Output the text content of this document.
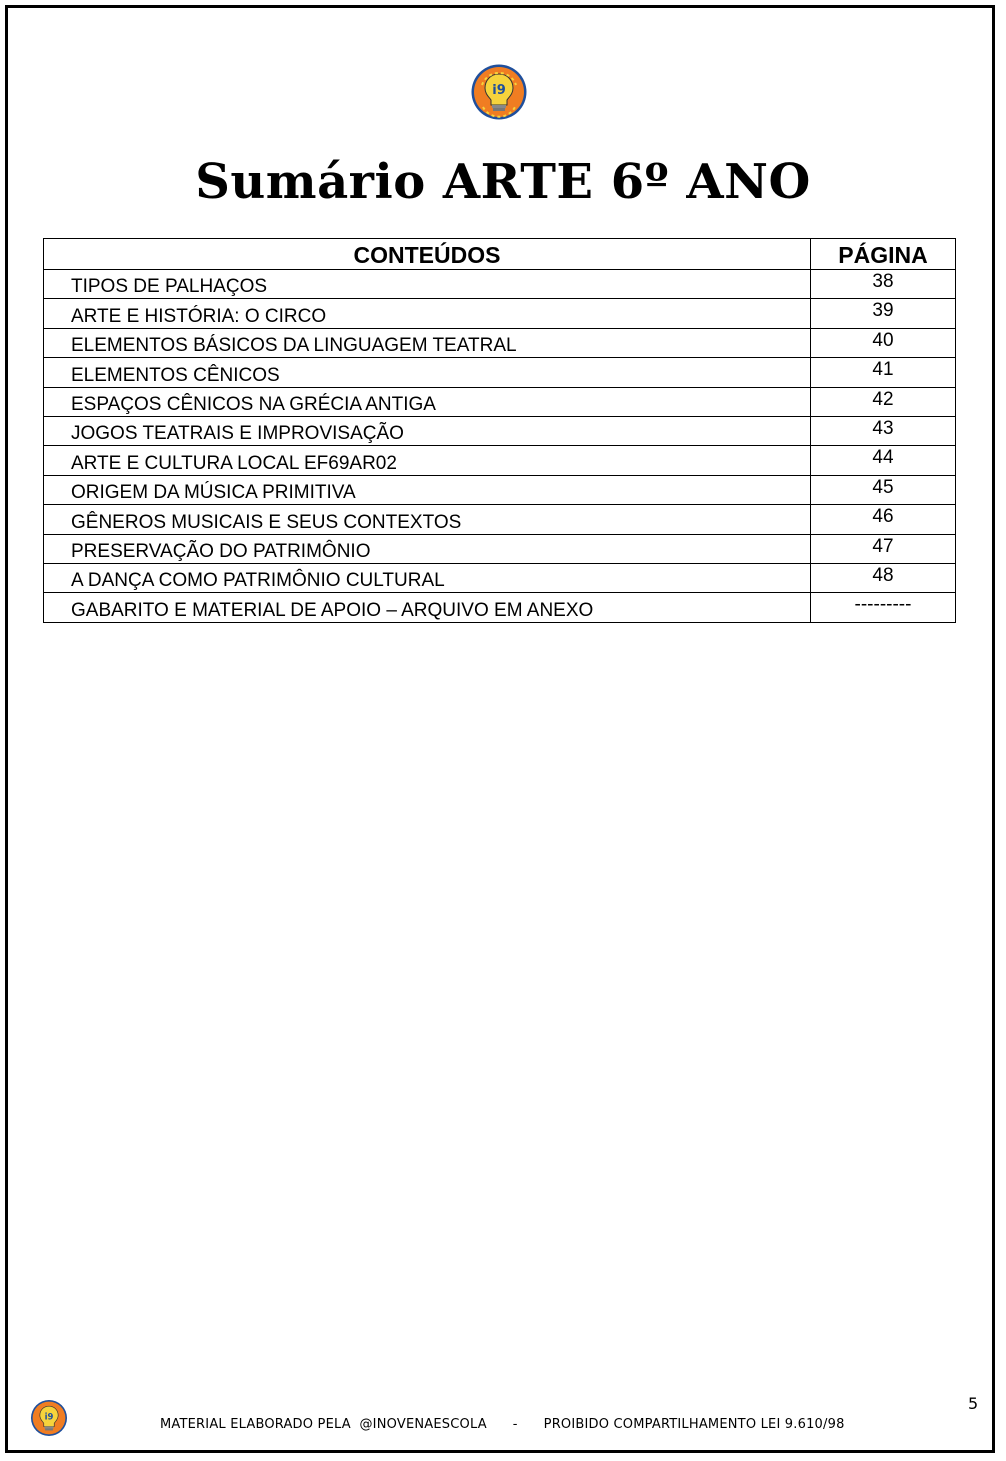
i9
Sumário ARTE 6º ANO
CONTEÚDOS	PÁGINA
TIPOS DE PALHAÇOS	38
ARTE E HISTÓRIA: O CIRCO	39
ELEMENTOS BÁSICOS DA LINGUAGEM TEATRAL	40
ELEMENTOS CÊNICOS	41
ESPAÇOS CÊNICOS NA GRÉCIA ANTIGA	42
JOGOS TEATRAIS E IMPROVISAÇÃO	43
ARTE E CULTURA LOCAL EF69AR02	44
ORIGEM DA MÚSICA PRIMITIVA	45
GÊNEROS MUSICAIS E SEUS CONTEXTOS	46
PRESERVAÇÃO DO PATRIMÔNIO	47
A DANÇA COMO PATRIMÔNIO CULTURAL	48
GABARITO E MATERIAL DE APOIO – ARQUIVO EM ANEXO	---------
i9
5
MATERIAL ELABORADO PELA  @INOVENAESCOLA      -      PROIBIDO COMPARTILHAMENTO LEI 9.610/98
